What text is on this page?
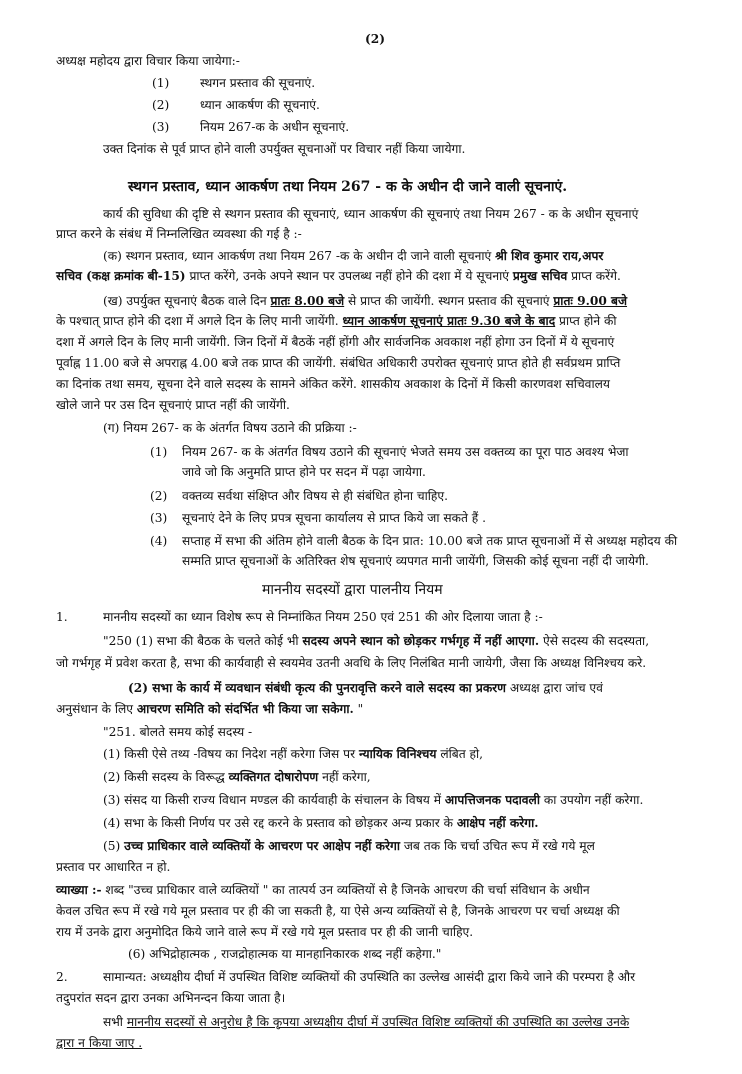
(2)
अध्यक्ष महोदय द्वारा विचार किया जायेगा:-
(1)	स्थगन प्रस्ताव की सूचनाएं.
(2)	ध्यान आकर्षण की सूचनाएं.
(3)	नियम 267-क के अधीन सूचनाएं.
उक्त दिनांक से पूर्व प्राप्त होने वाली उपर्युक्त सूचनाओं पर विचार नहीं किया जायेगा.
स्थगन प्रस्ताव, ध्यान आकर्षण तथा नियम 267 - क के अधीन दी जाने वाली सूचनाएं.
कार्य की सुविधा की दृष्टि से स्थगन प्रस्ताव की सूचनाएं, ध्यान आकर्षण की सूचनाएं तथा नियम 267 - क के अधीन सूचनाएं
प्राप्त करने के संबंध में निम्नलिखित व्यवस्था की गई है :-
(क) स्थगन प्रस्ताव, ध्यान आकर्षण तथा नियम 267 -क के अधीन दी जाने वाली सूचनाएं श्री शिव कुमार राय,अपर
सचिव (कक्ष क्रमांक बी-15) प्राप्त करेंगे, उनके अपने स्थान पर उपलब्ध नहीं होने की दशा में ये सूचनाएं प्रमुख सचिव प्राप्त करेंगे.
(ख) उपर्युक्त सूचनाएं बैठक वाले दिन प्रातः 8.00 बजे से प्राप्त की जायेंगी. स्थगन प्रस्ताव की सूचनाएं प्रातः 9.00 बजे
के पश्चात् प्राप्त होने की दशा में अगले दिन के लिए मानी जायेंगी. ध्यान आकर्षण सूचनाएं प्रातः 9.30 बजे के बाद प्राप्त होने की
दशा में अगले दिन के लिए मानी जायेंगी. जिन दिनों में बैठकें नहीं होंगी और सार्वजनिक अवकाश नहीं होगा उन दिनों में ये सूचनाएं
पूर्वाह्न 11.00 बजे से अपराह्न 4.00 बजे तक प्राप्त की जायेंगी. संबंधित अधिकारी उपरोक्त सूचनाएं प्राप्त होते ही सर्वप्रथम प्राप्ति
का दिनांक तथा समय, सूचना देने वाले सदस्य के सामने अंकित करेंगे. शासकीय अवकाश के दिनों में किसी कारणवश सचिवालय
खोले जाने पर उस दिन सूचनाएं प्राप्त नहीं की जायेंगी.
(ग) नियम 267- क के अंतर्गत विषय उठाने की प्रक्रिया :-
(1) नियम 267- क के अंतर्गत विषय उठाने की सूचनाएं भेजते समय उस वक्तव्य का पूरा पाठ अवश्य भेजा
जावे जो कि अनुमति प्राप्त होने पर सदन में पढ़ा जायेगा.
(2) वक्तव्य सर्वथा संक्षिप्त और विषय से ही संबंधित होना चाहिए.
(3) सूचनाएं देने के लिए प्रपत्र सूचना कार्यालय से प्राप्त किये जा सकते हैं .
(4) सप्ताह में सभा की अंतिम होने वाली बैठक के दिन प्रात: 10.00 बजे तक प्राप्त सूचनाओं में से अध्यक्ष महोदय की
सम्मति प्राप्त सूचनाओं के अतिरिक्त शेष सूचनाएं व्यपगत मानी जायेंगी, जिसकी कोई सूचना नहीं दी जायेगी.
माननीय सदस्यों द्वारा पालनीय नियम
1.	माननीय सदस्यों का ध्यान विशेष रूप से निम्नांकित नियम 250 एवं 251 की ओर दिलाया जाता है :-
"250 (1) सभा की बैठक के चलते कोई भी सदस्य अपने स्थान को छोड़कर गर्भगृह में नहीं आएगा. ऐसे सदस्य की सदस्यता,
जो गर्भगृह में प्रवेश करता है, सभा की कार्यवाही से स्वयमेव उतनी अवधि के लिए निलंबित मानी जायेगी, जैसा कि अध्यक्ष विनिश्चय करे.
(2) सभा के कार्य में व्यवधान संबंधी कृत्य की पुनरावृत्ति करने वाले सदस्य का प्रकरण अध्यक्ष द्वारा जांच एवं
अनुसंधान के लिए आचरण समिति को संदर्भित भी किया जा सकेगा. "
"251. बोलते समय कोई सदस्य -
(1) किसी ऐसे तथ्य -विषय का निदेश नहीं करेगा जिस पर न्यायिक विनिश्चय लंबित हो,
(2) किसी सदस्य के विरूद्ध व्यक्तिगत दोषारोपण नहीं करेगा,
(3) संसद या किसी राज्य विधान मण्डल की कार्यवाही के संचालन के विषय में आपत्तिजनक पदावली का उपयोग नहीं करेगा.
(4) सभा के किसी निर्णय पर उसे रद्द करने के प्रस्ताव को छोड़कर अन्य प्रकार के आक्षेप नहीं करेगा.
(5) उच्च प्राधिकार वाले व्यक्तियों के आचरण पर आक्षेप नहीं करेगा जब तक कि चर्चा उचित रूप में रखे गये मूल
प्रस्ताव पर आधारित न हो.
व्याख्या :- शब्द "उच्च प्राधिकार वाले व्यक्तियों " का तात्पर्य उन व्यक्तियों से है जिनके आचरण की चर्चा संविधान के अधीन
केवल उचित रूप में रखे गये मूल प्रस्ताव पर ही की जा सकती है, या ऐसे अन्य व्यक्तियों से है, जिनके आचरण पर चर्चा अध्यक्ष की
राय में उनके द्वारा अनुमोदित किये जाने वाले रूप में रखे गये मूल प्रस्ताव पर ही की जानी चाहिए.
(6) अभिद्रोहात्मक , राजद्रोहात्मक या मानहानिकारक शब्द नहीं कहेगा."
2.	सामान्यत: अध्यक्षीय दीर्घा में उपस्थित विशिष्ट व्यक्तियों की उपस्थिति का उल्लेख आसंदी द्वारा किये जाने की परम्परा है और
तदुपरांत सदन द्वारा उनका अभिनन्दन किया जाता है।
सभी माननीय सदस्यों से अनुरोध है कि कृपया अध्यक्षीय दीर्घा में उपस्थित विशिष्ट व्यक्तियों की उपस्थिति का उल्लेख उनके
द्वारा न किया जाए .
